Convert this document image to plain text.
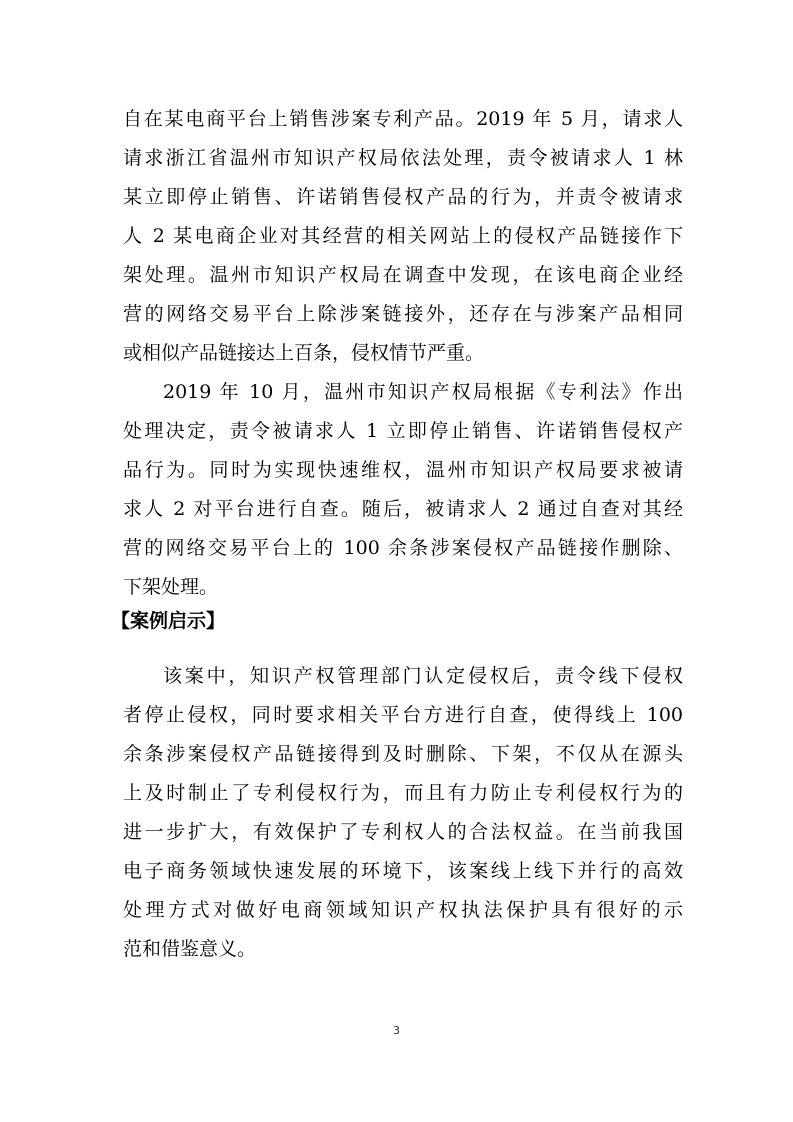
自在某电商平台上销售涉案专利产品。2019 年 5 月，请求人
请求浙江省温州市知识产权局依法处理，责令被请求人 1 林
某立即停止销售、许诺销售侵权产品的行为，并责令被请求
人 2 某电商企业对其经营的相关网站上的侵权产品链接作下
架处理。温州市知识产权局在调查中发现，在该电商企业经
营的网络交易平台上除涉案链接外，还存在与涉案产品相同
或相似产品链接达上百条，侵权情节严重。
2019 年 10 月，温州市知识产权局根据《专利法》作出
处理决定，责令被请求人 1 立即停止销售、许诺销售侵权产
品行为。同时为实现快速维权，温州市知识产权局要求被请
求人 2 对平台进行自查。随后，被请求人 2 通过自查对其经
营的网络交易平台上的 100 余条涉案侵权产品链接作删除、
下架处理。
【案例启示】
该案中，知识产权管理部门认定侵权后，责令线下侵权
者停止侵权，同时要求相关平台方进行自查，使得线上 100
余条涉案侵权产品链接得到及时删除、下架，不仅从在源头
上及时制止了专利侵权行为，而且有力防止专利侵权行为的
进一步扩大，有效保护了专利权人的合法权益。在当前我国
电子商务领域快速发展的环境下，该案线上线下并行的高效
处理方式对做好电商领域知识产权执法保护具有很好的示
范和借鉴意义。
3
